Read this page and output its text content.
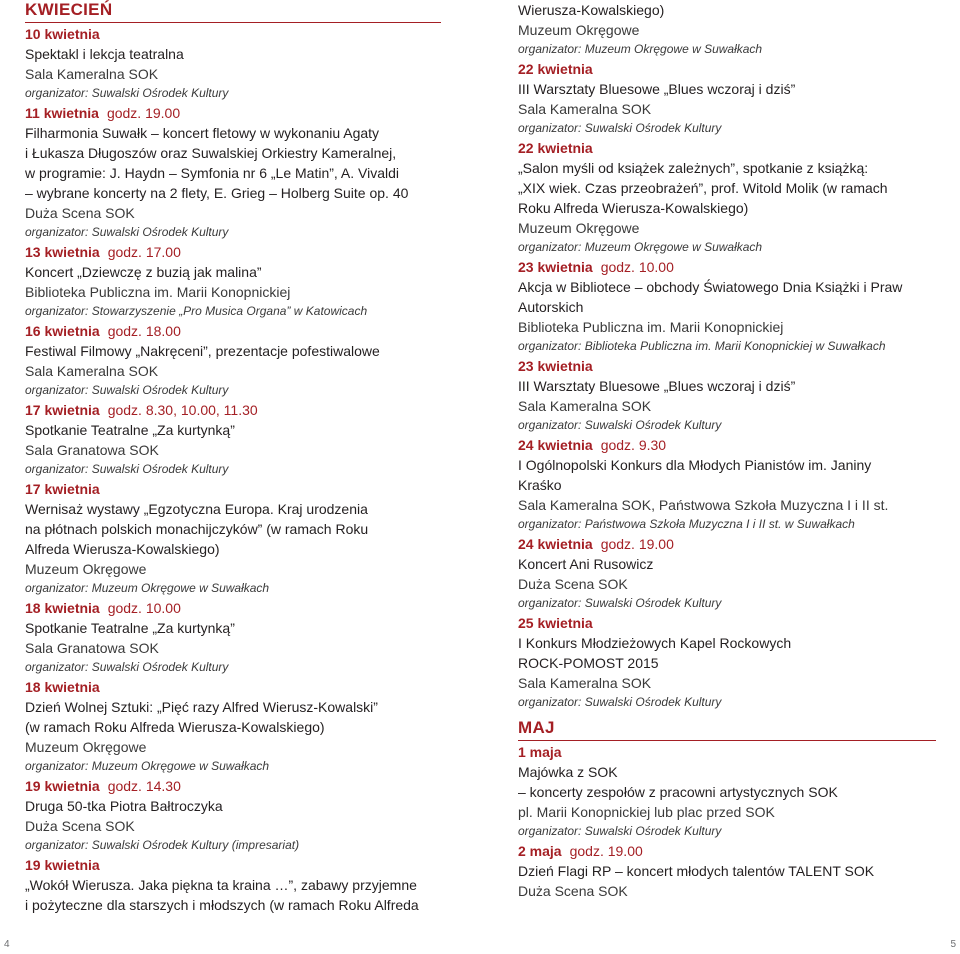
KWIECIEŃ
10 kwietnia
Spektakl i lekcja teatralna
Sala Kameralna SOK
organizator: Suwalski Ośrodek Kultury
11 kwietnia godz. 19.00
Filharmonia Suwałk – koncert fletowy w wykonaniu Agaty
i Łukasza Długoszów oraz Suwalskiej Orkiestry Kameralnej,
w programie: J. Haydn – Symfonia nr 6 „Le Matin”, A. Vivaldi
– wybrane koncerty na 2 flety, E. Grieg – Holberg Suite op. 40
Duża Scena SOK
organizator: Suwalski Ośrodek Kultury
13 kwietnia godz. 17.00
Koncert „Dziewczę z buzią jak malina”
Biblioteka Publiczna im. Marii Konopnickiej
organizator: Stowarzyszenie „Pro Musica Organa” w Katowicach
16 kwietnia godz. 18.00
Festiwal Filmowy „Nakręceni”, prezentacje pofestiwalowe
Sala Kameralna SOK
organizator: Suwalski Ośrodek Kultury
17 kwietnia godz. 8.30, 10.00, 11.30
Spotkanie Teatralne „Za kurtynką”
Sala Granatowa SOK
organizator: Suwalski Ośrodek Kultury
17 kwietnia
Wernisaż wystawy „Egzotyczna Europa. Kraj urodzenia
na płótnach polskich monachijczyków” (w ramach Roku
Alfreda Wierusza-Kowalskiego)
Muzeum Okręgowe
organizator: Muzeum Okręgowe w Suwałkach
18 kwietnia godz. 10.00
Spotkanie Teatralne „Za kurtynką”
Sala Granatowa SOK
organizator: Suwalski Ośrodek Kultury
18 kwietnia
Dzień Wolnej Sztuki: „Pięć razy Alfred Wierusz-Kowalski”
(w ramach Roku Alfreda Wierusza-Kowalskiego)
Muzeum Okręgowe
organizator: Muzeum Okręgowe w Suwałkach
19 kwietnia godz. 14.30
Druga 50-tka Piotra Bałtroczyka
Duża Scena SOK
organizator: Suwalski Ośrodek Kultury (impresariat)
19 kwietnia
„Wokół Wierusza. Jaka piękna ta kraina …”, zabawy przyjemne
i pożyteczne dla starszych i młodszych (w ramach Roku Alfreda
Wierusza-Kowalskiego)
Muzeum Okręgowe
organizator: Muzeum Okręgowe w Suwałkach
22 kwietnia
III Warsztaty Bluesowe „Blues wczoraj i dziś”
Sala Kameralna SOK
organizator: Suwalski Ośrodek Kultury
22 kwietnia
„Salon myśli od książek zależnych”, spotkanie z książką:
„XIX wiek. Czas przeobrażeń”, prof. Witold Molik (w ramach
Roku Alfreda Wierusza-Kowalskiego)
Muzeum Okręgowe
organizator: Muzeum Okręgowe w Suwałkach
23 kwietnia godz. 10.00
Akcja w Bibliotece – obchody Światowego Dnia Książki i Praw
Autorskich
Biblioteka Publiczna im. Marii Konopnickiej
organizator: Biblioteka Publiczna im. Marii Konopnickiej w Suwałkach
23 kwietnia
III Warsztaty Bluesowe „Blues wczoraj i dziś”
Sala Kameralna SOK
organizator: Suwalski Ośrodek Kultury
24 kwietnia godz. 9.30
I Ogólnopolski Konkurs dla Młodych Pianistów im. Janiny
Kraśko
Sala Kameralna SOK, Państwowa Szkoła Muzyczna I i II st.
organizator: Państwowa Szkoła Muzyczna I i II st. w Suwałkach
24 kwietnia godz. 19.00
Koncert Ani Rusowicz
Duża Scena SOK
organizator: Suwalski Ośrodek Kultury
25 kwietnia
I Konkurs Młodzieżowych Kapel Rockowych
ROCK-POMOST 2015
Sala Kameralna SOK
organizator: Suwalski Ośrodek Kultury
MAJ
1 maja
Majówka z SOK
– koncerty zespołów z pracowni artystycznych SOK
pl. Marii Konopnickiej lub plac przed SOK
organizator: Suwalski Ośrodek Kultury
2 maja godz. 19.00
Dzień Flagi RP – koncert młodych talentów TALENT SOK
Duża Scena SOK
4	5
